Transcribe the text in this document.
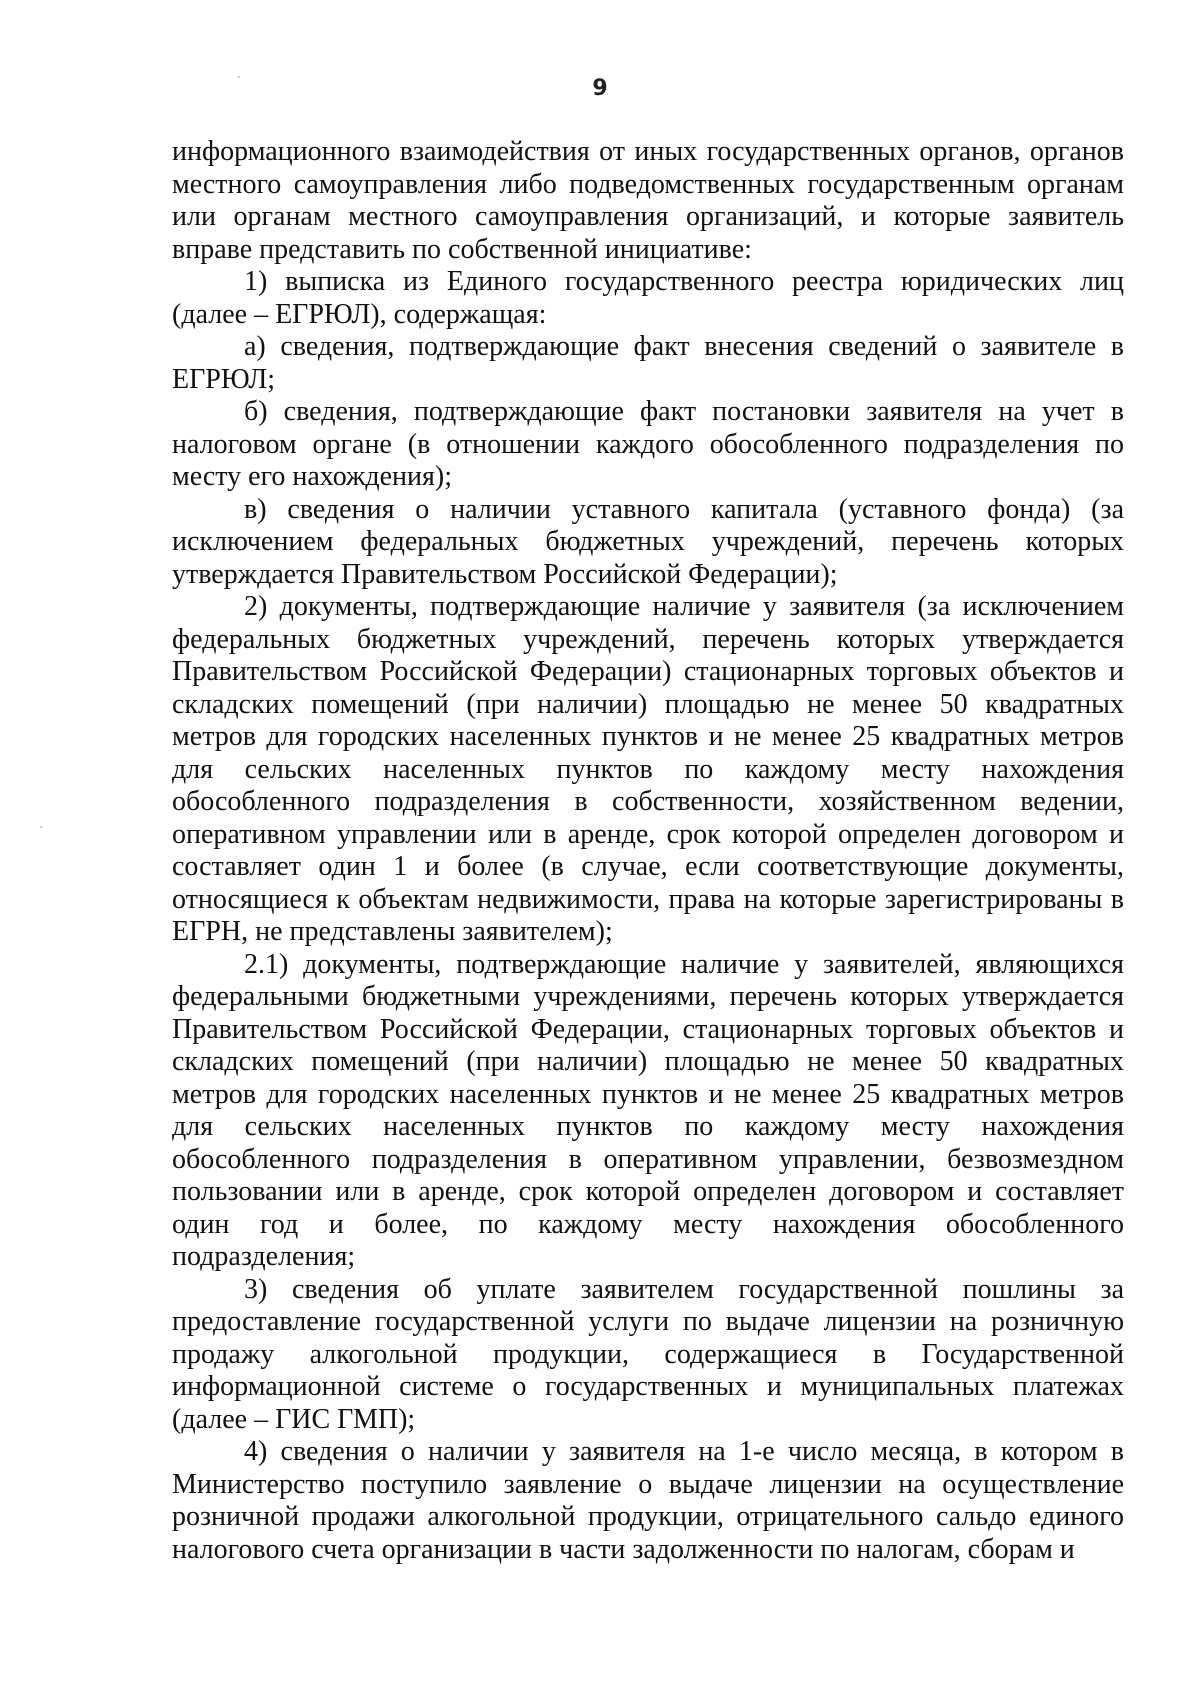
9

информационного взаимодействия от иных государственных органов, органов местного самоуправления либо подведомственных государственным органам или органам местного самоуправления организаций, и которые заявитель вправе представить по собственной инициативе:

1) выписка из Единого государственного реестра юридических лиц (далее – ЕГРЮЛ), содержащая:

а) сведения, подтверждающие факт внесения сведений о заявителе в ЕГРЮЛ;

б) сведения, подтверждающие факт постановки заявителя на учет в налоговом органе (в отношении каждого обособленного подразделения по месту его нахождения);

в) сведения о наличии уставного капитала (уставного фонда) (за исключением федеральных бюджетных учреждений, перечень которых утверждается Правительством Российской Федерации);

2) документы, подтверждающие наличие у заявителя (за исключением федеральных бюджетных учреждений, перечень которых утверждается Правительством Российской Федерации) стационарных торговых объектов и складских помещений (при наличии) площадью не менее 50 квадратных метров для городских населенных пунктов и не менее 25 квадратных метров для сельских населенных пунктов по каждому месту нахождения обособленного подразделения в собственности, хозяйственном ведении, оперативном управлении или в аренде, срок которой определен договором и составляет один 1 и более (в случае, если соответствующие документы, относящиеся к объектам недвижимости, права на которые зарегистрированы в ЕГРН, не представлены заявителем);

2.1) документы, подтверждающие наличие у заявителей, являющихся федеральными бюджетными учреждениями, перечень которых утверждается Правительством Российской Федерации, стационарных торговых объектов и складских помещений (при наличии) площадью не менее 50 квадратных метров для городских населенных пунктов и не менее 25 квадратных метров для сельских населенных пунктов по каждому месту нахождения обособленного подразделения в оперативном управлении, безвозмездном пользовании или в аренде, срок которой определен договором и составляет один год и более, по каждому месту нахождения обособленного подразделения;

3) сведения об уплате заявителем государственной пошлины за предоставление государственной услуги по выдаче лицензии на розничную продажу алкогольной продукции, содержащиеся в Государственной информационной системе о государственных и муниципальных платежах (далее – ГИС ГМП);

4) сведения о наличии у заявителя на 1-е число месяца, в котором в Министерство поступило заявление о выдаче лицензии на осуществление розничной продажи алкогольной продукции, отрицательного сальдо единого налогового счета организации в части задолженности по налогам, сборам и
